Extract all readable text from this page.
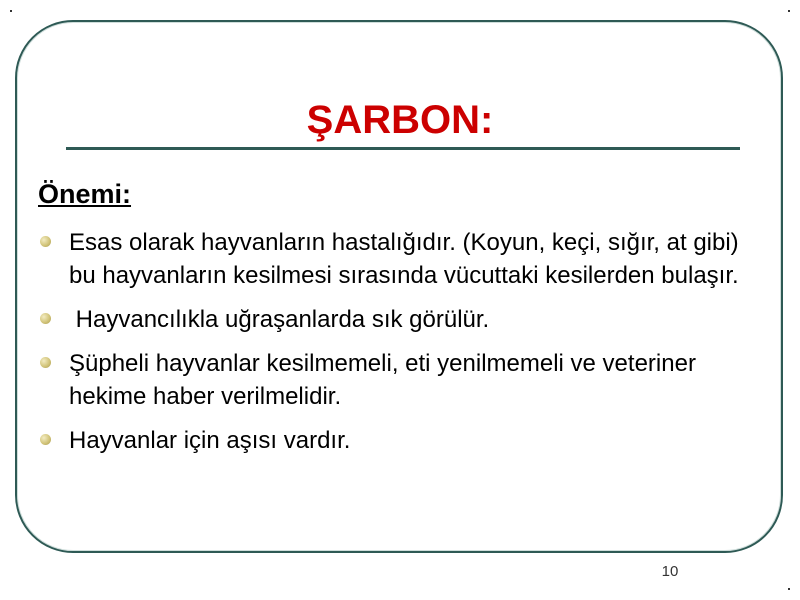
ŞARBON:
Önemi:
Esas olarak hayvanların hastalığıdır. (Koyun, keçi, sığır, at gibi) bu hayvanların kesilmesi sırasında vücuttaki kesilerden bulaşır.
Hayvancılıkla uğraşanlarda sık görülür.
Şüpheli hayvanlar kesilmemeli, eti yenilmemeli ve veteriner hekime haber verilmelidir.
Hayvanlar için aşısı vardır.
10
